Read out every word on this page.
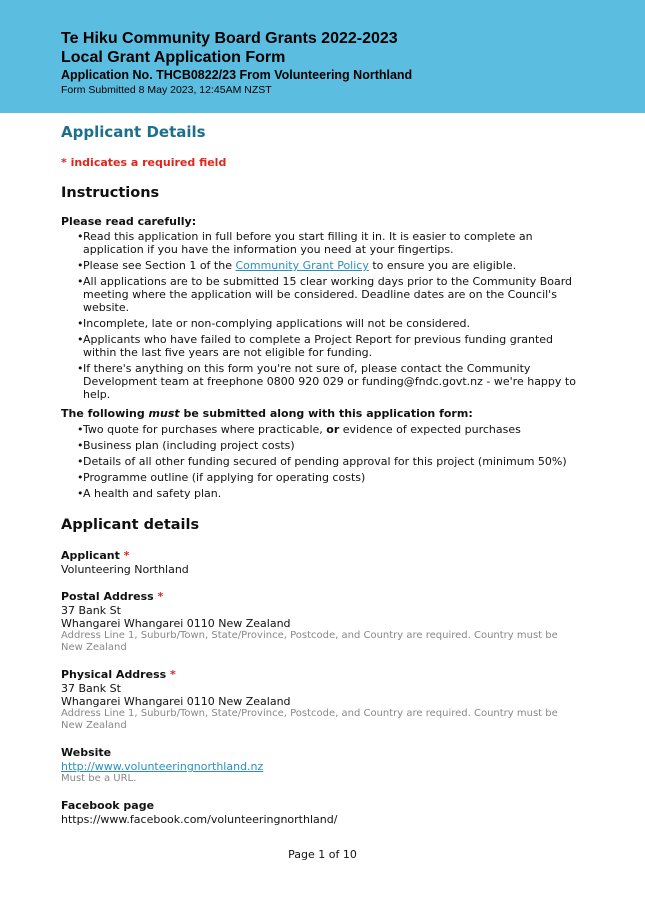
Te Hiku Community Board Grants 2022-2023
Local Grant Application Form
Application No. THCB0822/23 From Volunteering Northland
Form Submitted 8 May 2023, 12:45AM NZST
Applicant Details
* indicates a required field
Instructions
Please read carefully:
• Read this application in full before you start filling it in. It is easier to complete an application if you have the information you need at your fingertips.
• Please see Section 1 of the Community Grant Policy to ensure you are eligible.
• All applications are to be submitted 15 clear working days prior to the Community Board meeting where the application will be considered. Deadline dates are on the Council's website.
• Incomplete, late or non-complying applications will not be considered.
• Applicants who have failed to complete a Project Report for previous funding granted within the last five years are not eligible for funding.
• If there's anything on this form you're not sure of, please contact the Community Development team at freephone 0800 920 029 or funding@fndc.govt.nz - we're happy to help.
The following must be submitted along with this application form:
• Two quote for purchases where practicable, or evidence of expected purchases
• Business plan (including project costs)
• Details of all other funding secured of pending approval for this project (minimum 50%)
• Programme outline (if applying for operating costs)
• A health and safety plan.
Applicant details
Applicant *
Volunteering Northland
Postal Address *
37 Bank St
Whangarei Whangarei 0110 New Zealand
Address Line 1, Suburb/Town, State/Province, Postcode, and Country are required. Country must be New Zealand
Physical Address *
37 Bank St
Whangarei Whangarei 0110 New Zealand
Address Line 1, Suburb/Town, State/Province, Postcode, and Country are required. Country must be New Zealand
Website
http://www.volunteeringnorthland.nz
Must be a URL.
Facebook page
https://www.facebook.com/volunteeringnorthland/
Page 1 of 10
